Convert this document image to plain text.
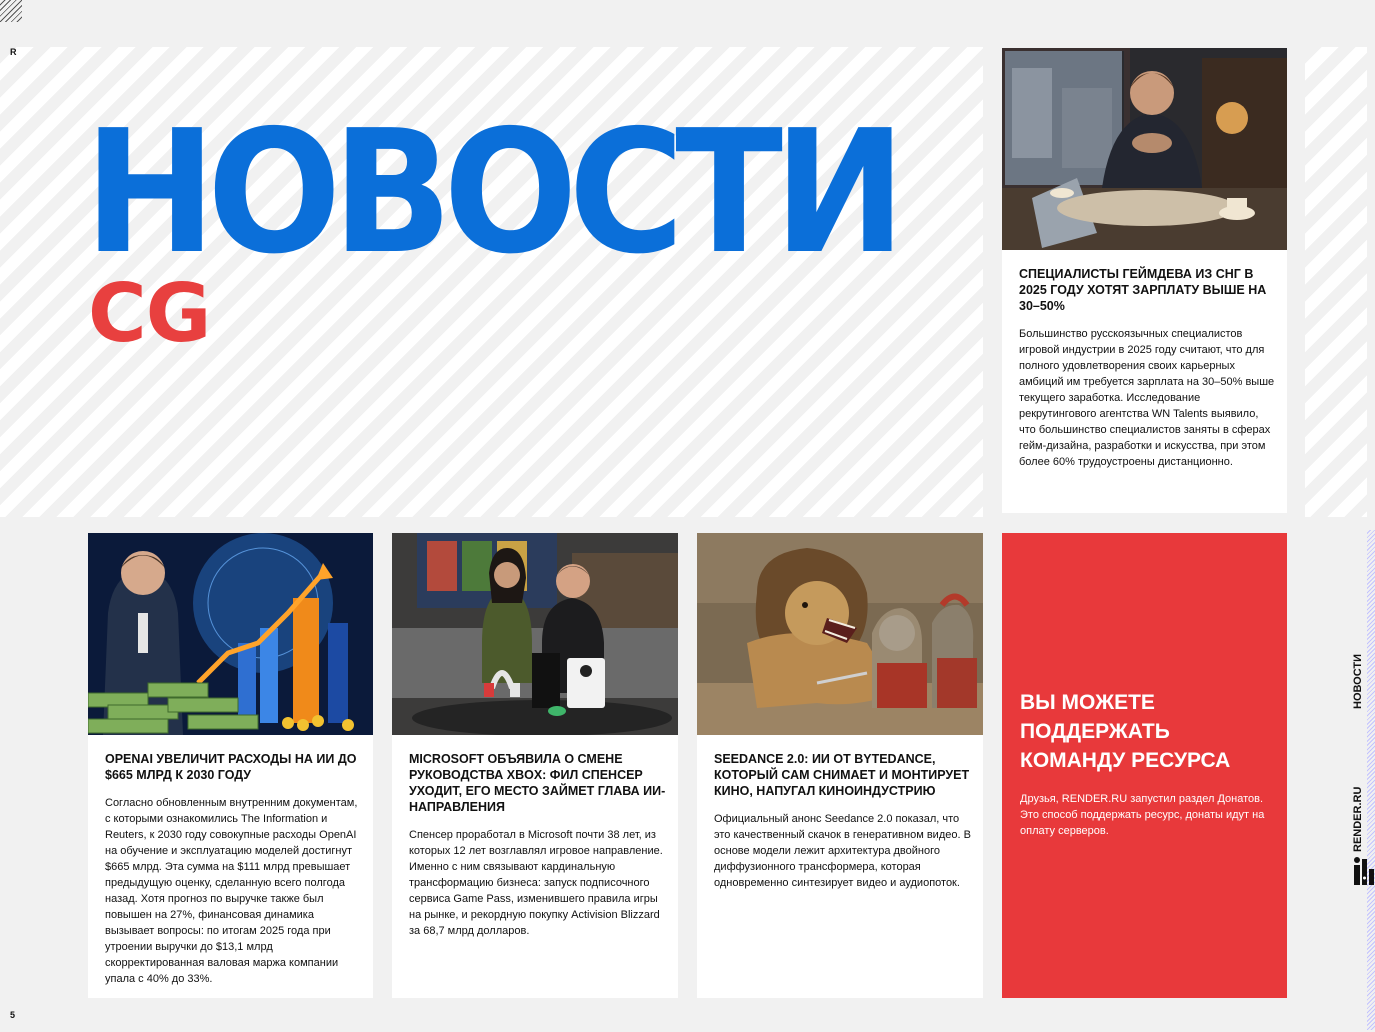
R
5
НОВОСТИ
CG	СПЕЦИАЛИСТЫ ГЕЙМДЕВА ИЗ СНГ В 2025 ГОДУ ХОТЯТ ЗАРПЛАТУ ВЫШЕ НА 30–50%

Большинство русскоязычных специалистов игровой индустрии в 2025 году считают, что для полного удовлетворения своих карьерных амбиций им требуется зарплата на 30–50% выше текущего заработка. Исследование рекрутингового агентства WN Talents выявило, что большинство специалистов заняты в сферах гейм-дизайна, разработки и искусства, при этом более 60% трудоустроены дистанционно.

OPENAI УВЕЛИЧИТ РАСХОДЫ НА ИИ ДО $665 МЛРД К 2030 ГОДУ

Согласно обновленным внутренним документам, с которыми ознакомились The Information и Reuters, к 2030 году совокупные расходы OpenAI на обучение и эксплуатацию моделей достигнут $665 млрд. Эта сумма на $111 млрд превышает предыдущую оценку, сделанную всего полгода назад. Хотя прогноз по выручке также был повышен на 27%, финансовая динамика вызывает вопросы: по итогам 2025 года при утроении выручки до $13,1 млрд скорректированная валовая маржа компании упала с 40% до 33%.

MICROSOFT ОБЪЯВИЛА О СМЕНЕ РУКОВОДСТВА XBOX: ФИЛ СПЕНСЕР УХОДИТ, ЕГО МЕСТО ЗАЙМЕТ ГЛАВА ИИ-НАПРАВЛЕНИЯ

Спенсер проработал в Microsoft почти 38 лет, из которых 12 лет возглавлял игровое направление. Именно с ним связывают кардинальную трансформацию бизнеса: запуск подписочного сервиса Game Pass, изменившего правила игры на рынке, и рекордную покупку Activision Blizzard за 68,7 млрд долларов.

SEEDANCE 2.0: ИИ ОТ BYTEDANCE, КОТОРЫЙ САМ СНИМАЕТ И МОНТИРУЕТ КИНО, НАПУГАЛ КИНОИНДУСТРИЮ

Официальный анонс Seedance 2.0 показал, что это качественный скачок в генеративном видео. В основе модели лежит архитектура двойного диффузионного трансформера, которая одновременно синтезирует видео и аудиопоток.

ВЫ МОЖЕТЕ ПОДДЕРЖАТЬ КОМАНДУ РЕСУРСА

Друзья, RENDER.RU запустил раздел Донатов. Это способ поддержать ресурс, донаты идут на оплату серверов.

НОВОСТИ
RENDER.RU
